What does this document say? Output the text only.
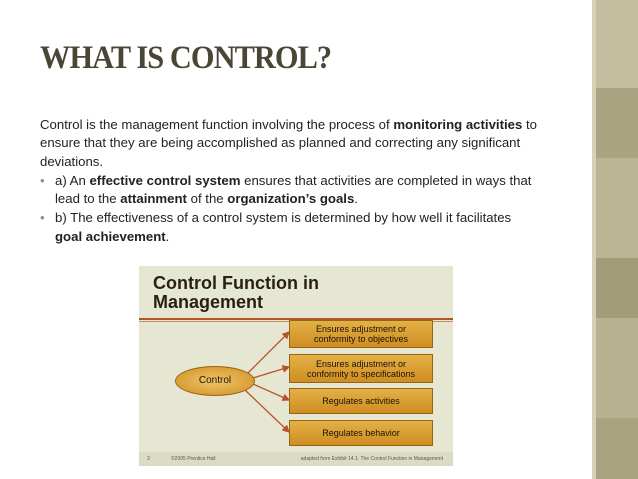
WHAT IS CONTROL?

Control is the management function involving the process of monitoring activities to ensure that they are being accomplished as planned and correcting any significant deviations.

• a) An effective control system ensures that activities are completed in ways that lead to the attainment of the organization’s goals.
• b) The effectiveness of a control system is determined by how well it facilitates goal achievement.
Control Function in
Management
Control
Ensures adjustment or
conformity to objectives
Ensures adjustment or
conformity to specifications
Regulates activities
Regulates behavior
3	©2005 Prentice Hall	adapted from Exhibit 14.1: The Control Function in Management
